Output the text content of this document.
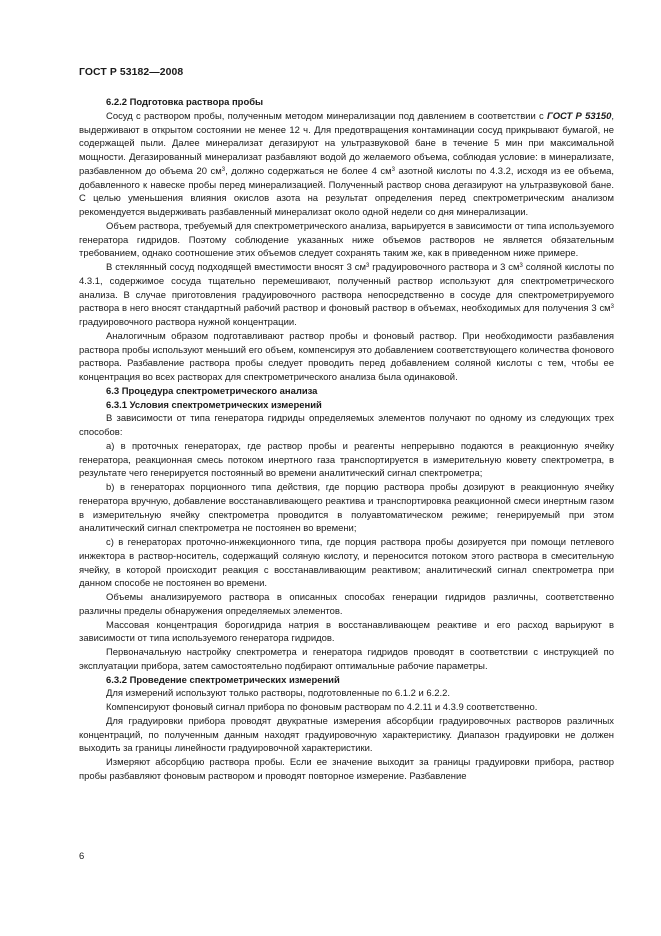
ГОСТ Р 53182—2008
6.2.2 Подготовка раствора пробы

Сосуд с раствором пробы, полученным методом минерализации под давлением в соответствии с ГОСТ Р 53150, выдерживают в открытом состоянии не менее 12 ч. Для предотвращения контаминации сосуд прикрывают бумагой, не содержащей пыли. Далее минерализат дегазируют на ультразвуковой бане в течение 5 мин при максимальной мощности. Дегазированный минерализат разбавляют водой до желаемого объема, соблюдая условие: в минерализате, разбавленном до объема 20 $см^3$, должно содержаться не более 4 $см^3$ азотной кислоты по 4.3.2, исходя из ее объема, добавленного к навеске пробы перед минерализацией. Полученный раствор снова дегазируют на ультразвуковой бане. С целью уменьшения влияния окислов азота на результат определения перед спектрометрическим анализом рекомендуется выдерживать разбавленный минерализат около одной недели со дня минерализации.

Объем раствора, требуемый для спектрометрического анализа, варьируется в зависимости от типа используемого генератора гидридов. Поэтому соблюдение указанных ниже объемов растворов не является обязательным требованием, однако соотношение этих объемов следует сохранять таким же, как в приведенном ниже примере.

В стеклянный сосуд подходящей вместимости вносят 3 $см^3$ градуировочного раствора и 3 $см^3$ соляной кислоты по 4.3.1, содержимое сосуда тщательно перемешивают, полученный раствор используют для спектрометрического анализа. В случае приготовления градуировочного раствора непосредственно в сосуде для спектрометрируемого раствора в него вносят стандартный рабочий раствор и фоновый раствор в объемах, необходимых для получения 3 $см^3$ градуировочного раствора нужной концентрации.

Аналогичным образом подготавливают раствор пробы и фоновый раствор. При необходимости разбавления раствора пробы используют меньший его объем, компенсируя это добавлением соответствующего количества фонового раствора. Разбавление раствора пробы следует проводить перед добавлением соляной кислоты с тем, чтобы ее концентрация во всех растворах для спектрометрического анализа была одинаковой.

6.3 Процедура спектрометрического анализа
6.3.1 Условия спектрометрических измерений

В зависимости от типа генератора гидриды определяемых элементов получают по одному из следующих трех способов:

а) в проточных генераторах, где раствор пробы и реагенты непрерывно подаются в реакционную ячейку генератора, реакционная смесь потоком инертного газа транспортируется в измерительную кювету спектрометра, в результате чего генерируется постоянный во времени аналитический сигнал спектрометра;

b) в генераторах порционного типа действия, где порцию раствора пробы дозируют в реакционную ячейку генератора вручную, добавление восстанавливающего реактива и транспортировка реакционной смеси инертным газом в измерительную ячейку спектрометра проводится в полуавтоматическом режиме; генерируемый при этом аналитический сигнал спектрометра не постоянен во времени;

с) в генераторах проточно-инжекционного типа, где порция раствора пробы дозируется при помощи петлевого инжектора в раствор-носитель, содержащий соляную кислоту, и переносится потоком этого раствора в смесительную ячейку, в которой происходит реакция с восстанавливающим реактивом; аналитический сигнал спектрометра при данном способе не постоянен во времени.

Объемы анализируемого раствора в описанных способах генерации гидридов различны, соответственно различны пределы обнаружения определяемых элементов.

Массовая концентрация борогидрида натрия в восстанавливающем реактиве и его расход варьируют в зависимости от типа используемого генератора гидридов.

Первоначальную настройку спектрометра и генератора гидридов проводят в соответствии с инструкцией по эксплуатации прибора, затем самостоятельно подбирают оптимальные рабочие параметры.

6.3.2 Проведение спектрометрических измерений

Для измерений используют только растворы, подготовленные по 6.1.2 и 6.2.2.

Компенсируют фоновый сигнал прибора по фоновым растворам по 4.2.11 и 4.3.9 соответственно.

Для градуировки прибора проводят двукратные измерения абсорбции градуировочных растворов различных концентраций, по полученным данным находят градуировочную характеристику. Диапазон градуировки не должен выходить за границы линейности градуировочной характеристики.

Измеряют абсорбцию раствора пробы. Если ее значение выходит за границы градуировки прибора, раствор пробы разбавляют фоновым раствором и проводят повторное измерение. Разбавление

6
